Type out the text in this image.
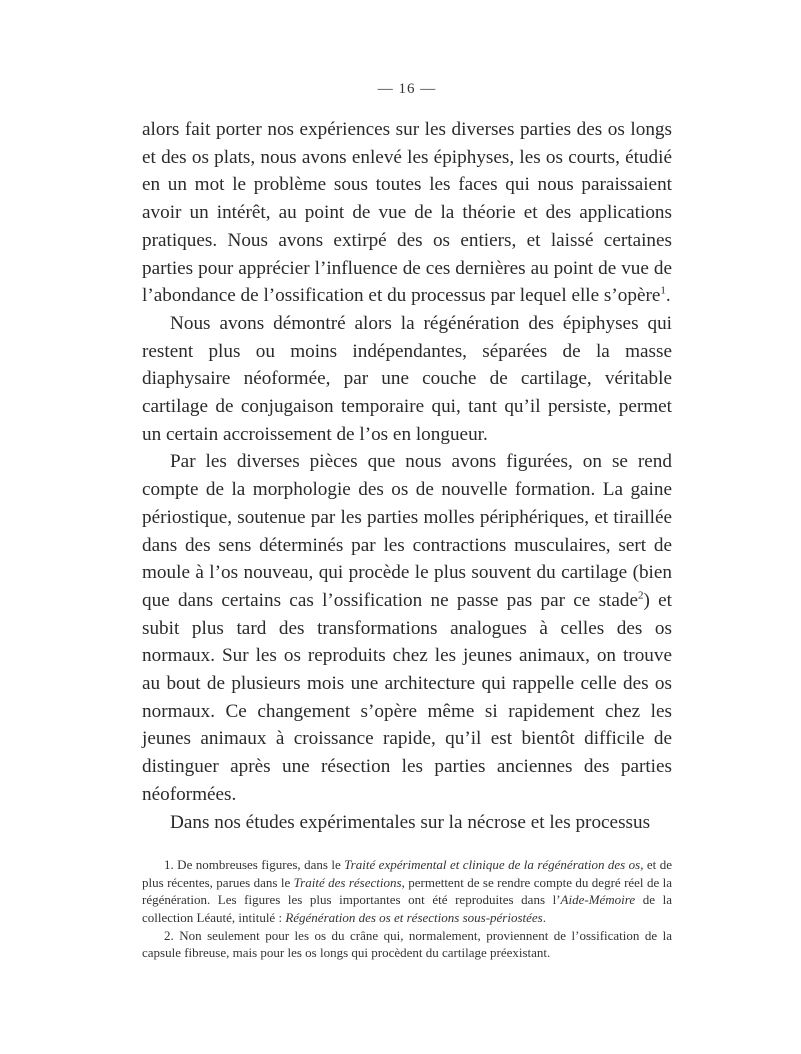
— 16 —

alors fait porter nos expériences sur les diverses parties des os longs et des os plats, nous avons enlevé les épiphyses, les os courts, étudié en un mot le problème sous toutes les faces qui nous paraissaient avoir un intérêt, au point de vue de la théorie et des applications pratiques. Nous avons extirpé des os entiers, et laissé certaines parties pour apprécier l’influence de ces dernières au point de vue de l’abondance de l’ossification et du processus par lequel elle s’opère$^1$.

Nous avons démontré alors la régénération des épiphyses qui restent plus ou moins indépendantes, séparées de la masse diaphysaire néoformée, par une couche de cartilage, véritable cartilage de conjugaison temporaire qui, tant qu’il persiste, permet un certain accroissement de l’os en longueur.

Par les diverses pièces que nous avons figurées, on se rend compte de la morphologie des os de nouvelle formation. La gaine périostique, soutenue par les parties molles périphériques, et tiraillée dans des sens déterminés par les contractions musculaires, sert de moule à l’os nouveau, qui procède le plus souvent du cartilage (bien que dans certains cas l’ossification ne passe pas par ce stade$^2$) et subit plus tard des transformations analogues à celles des os normaux. Sur les os reproduits chez les jeunes animaux, on trouve au bout de plusieurs mois une architecture qui rappelle celle des os normaux. Ce changement s’opère même si rapidement chez les jeunes animaux à croissance rapide, qu’il est bientôt difficile de distinguer après une résection les parties anciennes des parties néoformées.

Dans nos études expérimentales sur la nécrose et les processus

1. De nombreuses figures, dans le Traité expérimental et clinique de la régénération des os, et de plus récentes, parues dans le Traité des résections, permettent de se rendre compte du degré réel de la régénération. Les figures les plus importantes ont été reproduites dans l’Aide-Mémoire de la collection Léauté, intitulé : Régénération des os et résections sous-périostées.

2. Non seulement pour les os du crâne qui, normalement, proviennent de l’ossification de la capsule fibreuse, mais pour les os longs qui procèdent du cartilage préexistant.
